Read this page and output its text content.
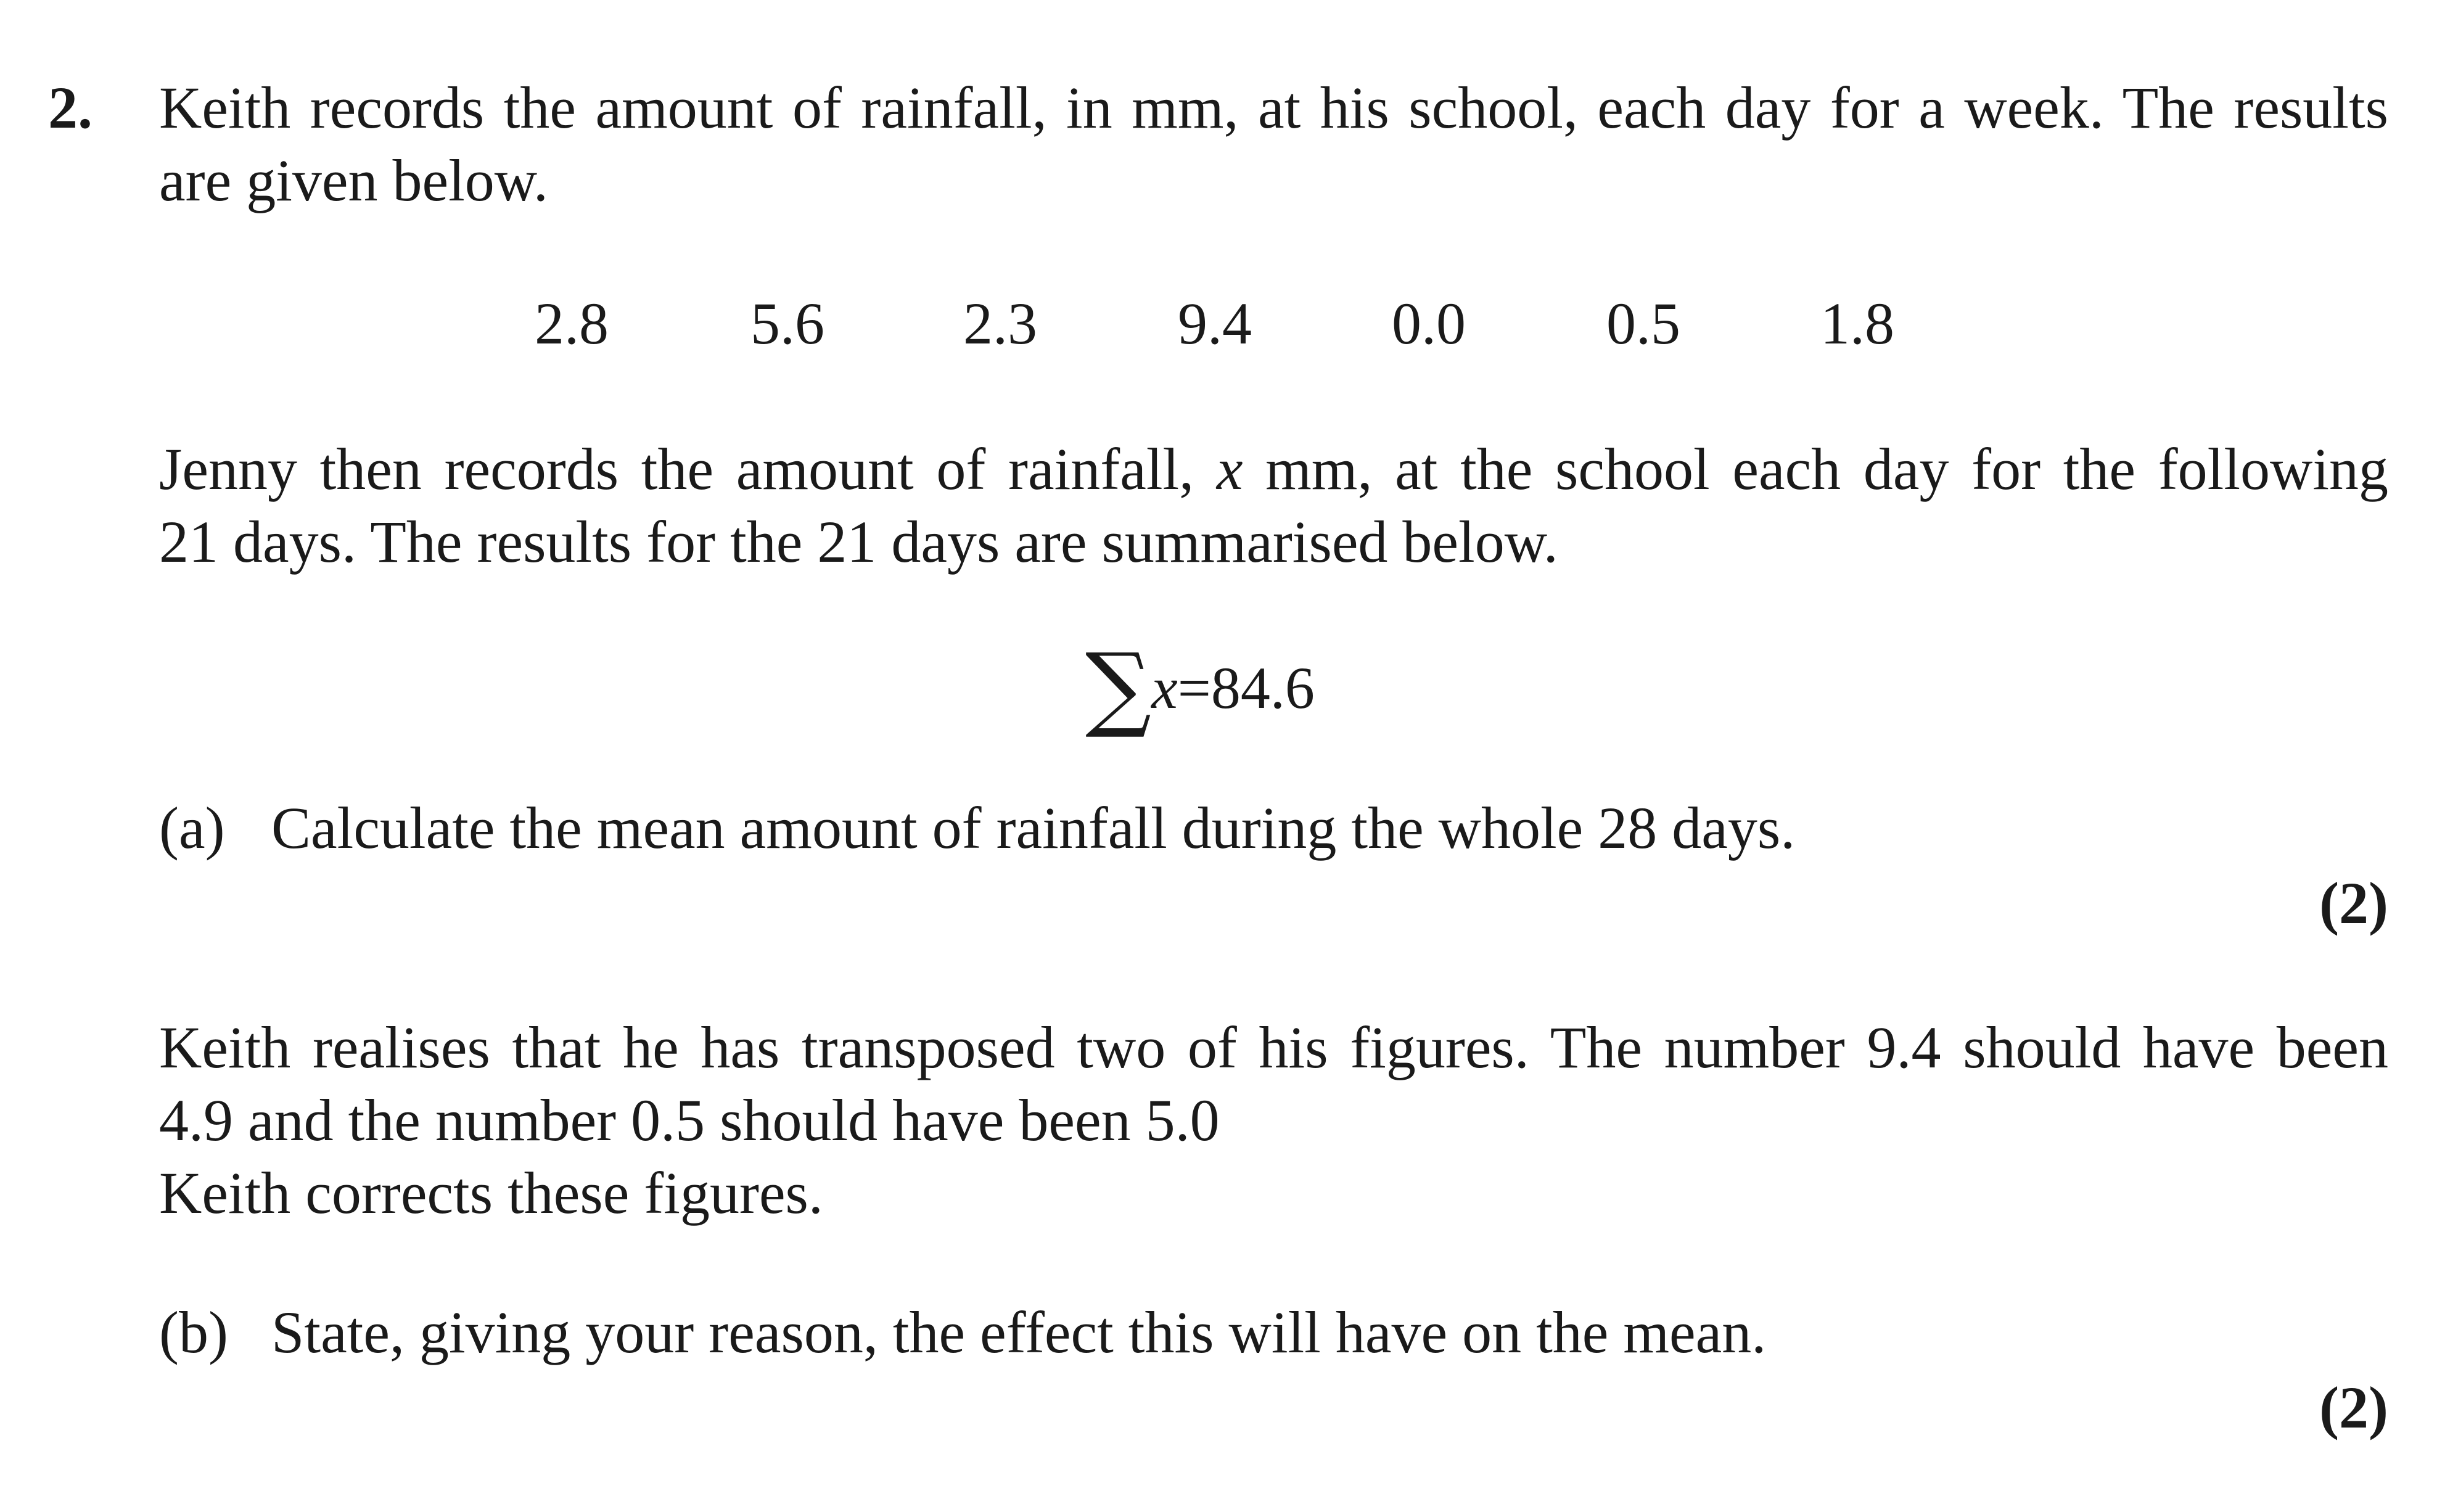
2. Keith records the amount of rainfall, in mm, at his school, each day for a week. The results
are given below.
2.8 5.6 2.3 9.4 0.0 0.5 1.8
Jenny then records the amount of rainfall, x mm, at the school each day for the following
21 days. The results for the 21 days are summarised below.
∑x=84.6
(a) Calculate the mean amount of rainfall during the whole 28 days.
(2)
Keith realises that he has transposed two of his figures. The number 9.4 should have been
4.9 and the number 0.5 should have been 5.0
Keith corrects these figures.
(b) State, giving your reason, the effect this will have on the mean.
(2)
